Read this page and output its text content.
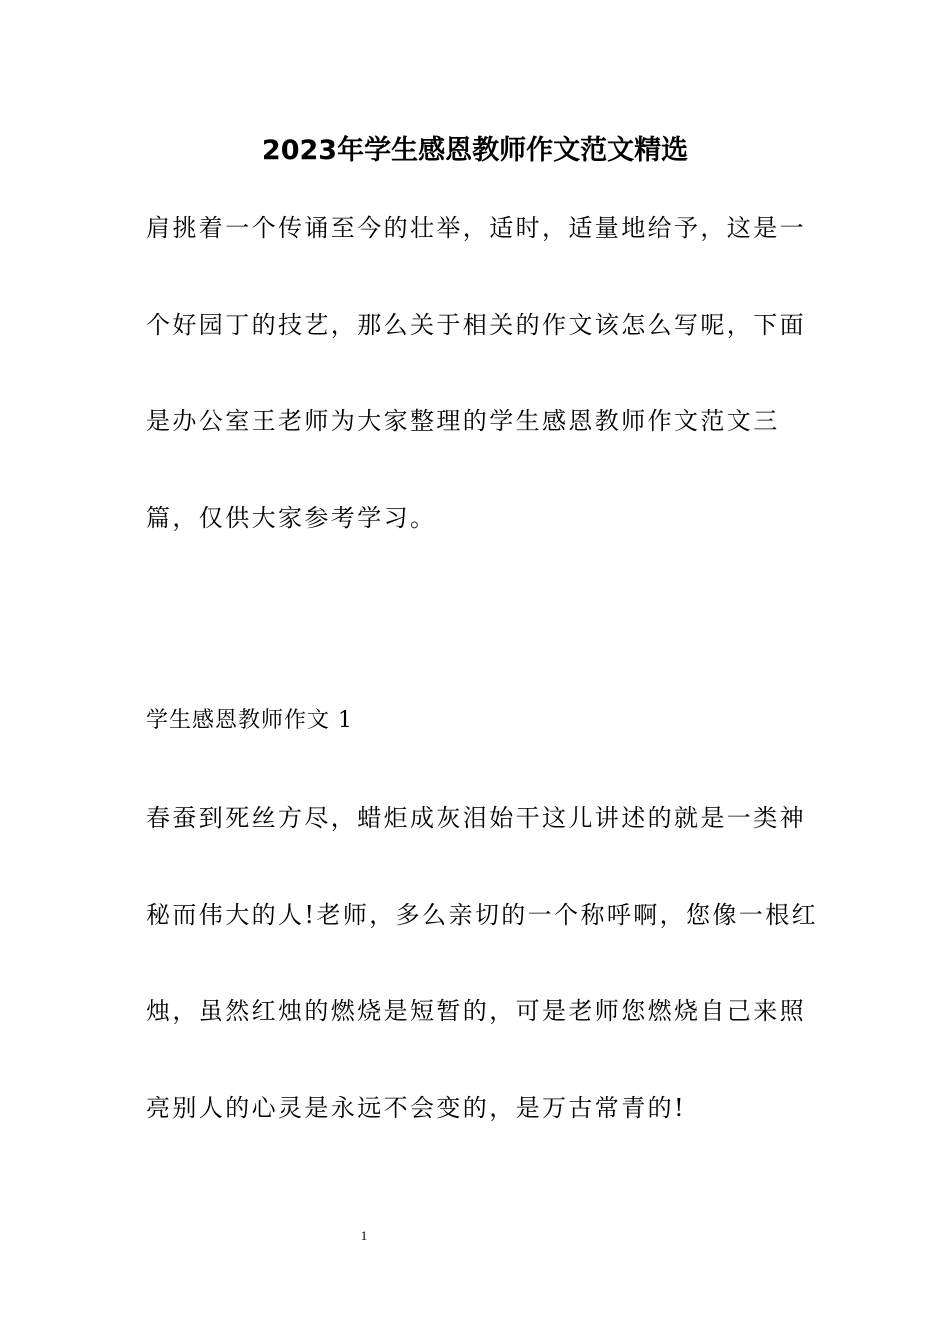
2023年学生感恩教师作文范文精选

肩挑着一个传诵至今的壮举，适时，适量地给予，这是一

个好园丁的技艺，那么关于相关的作文该怎么写呢，下面

是办公室王老师为大家整理的学生感恩教师作文范文三

篇，仅供大家参考学习。

学生感恩教师作文 1

春蚕到死丝方尽，蜡炬成灰泪始干这儿讲述的就是一类神

秘而伟大的人!老师，多么亲切的一个称呼啊，您像一根红

烛，虽然红烛的燃烧是短暂的，可是老师您燃烧自己来照

亮别人的心灵是永远不会变的，是万古常青的!

1
